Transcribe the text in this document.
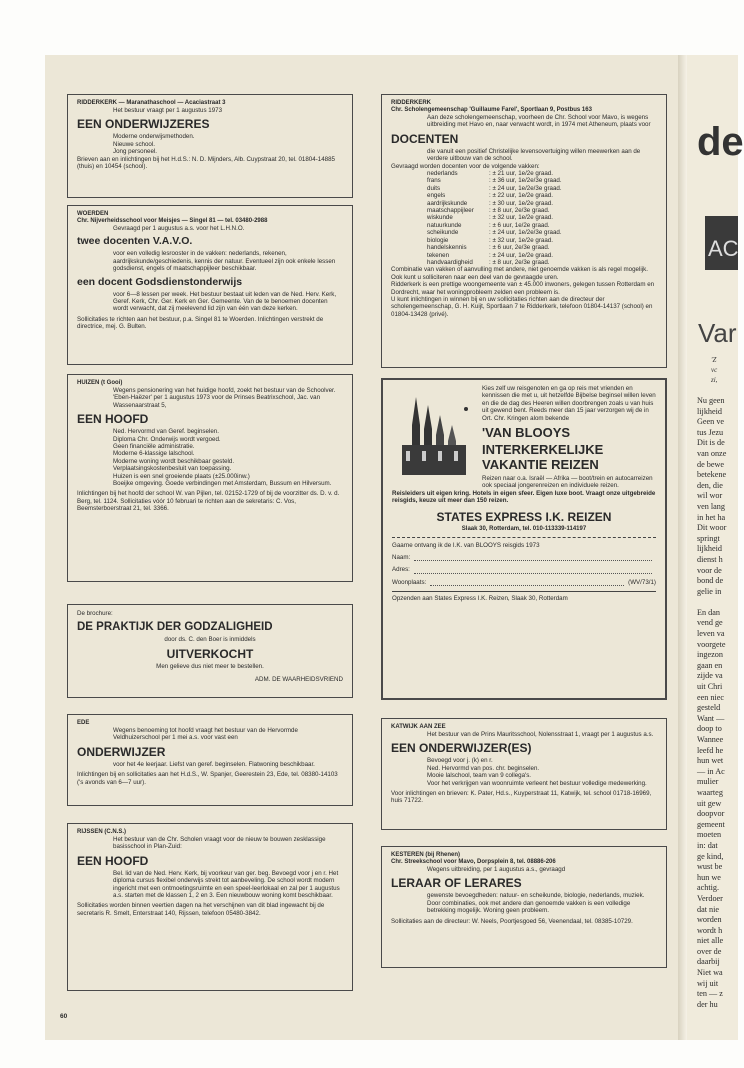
RIDDERKERK — Maranathaschool — Acaciastraat 3
Het bestuur vraagt per 1 augustus 1973
EEN ONDERWIJZERES
Moderne onderwijsmethoden.
Nieuwe school.
Jong personeel.
Brieven aan en inlichtingen bij het H.d.S.: N. D. Mijnders, Alb. Cuypstraat 20, tel. 01804-14885 (thuis) en 10454 (school).
WOERDEN
Chr. Nijverheidsschool voor Meisjes — Singel 81 — tel. 03480-2988
Gevraagd per 1 augustus a.s. voor het L.H.N.O.
twee docenten V.A.V.O.
voor een volledig lesrooster in de vakken: nederlands, rekenen, aardrijkskunde/geschiedenis, kennis der natuur. Eventueel zijn ook enkele lessen godsdienst, engels of maatschappijleer beschikbaar.
een docent Godsdienstonderwijs
voor 6—8 lessen per week. Het bestuur bestaat uit leden van de Ned. Herv. Kerk, Geref. Kerk, Chr. Ger. Kerk en Ger. Gemeente. Van de te benoemen docenten wordt verwacht, dat zij meelevend lid zijn van één van deze kerken.
Sollicitaties te richten aan het bestuur, p.a. Singel 81 te Woerden. Inlichtingen verstrekt de directrice, mej. G. Bulten.
HUIZEN (t Gooi)
Wegens pensionering van het huidige hoofd, zoekt het bestuur van de Schoolver. 'Eben-Haëzer' per 1 augustus 1973 voor de Prinses Beatrixschool, Jac. van Wassenaarstraat 5,
EEN HOOFD
Ned. Hervormd van Geref. beginselen.
Diploma Chr. Onderwijs wordt vergoed.
Geen financiële administratie.
Moderne 6-klassige lalschool.
Moderne woning wordt beschikbaar gesteld.
Verplaatsingskostenbesluit van toepassing.
Huizen is een snel groeiende plaats (±25.000inw.)
Boeijke omgeving. Goede verbindingen met Amsterdam, Bussum en Hilversum.
Inlichtingen bij het hoofd der school W. van Pijlen, tel. 02152-1729 of bij de voorzitter ds. D. v. d. Berg, tel. 1124. Sollicitaties vóór 10 februari te richten aan de sekretaris: C. Vos, Beemsterboerstraat 21, tel. 3366.
De brochure:
DE PRAKTIJK DER GODZALIGHEID
door ds. C. den Boer is inmiddels
UITVERKOCHT
Men gelieve dus niet meer te bestellen.
ADM. DE WAARHEIDSVRIEND
EDE
Wegens benoeming tot hoofd vraagt het bestuur van de Hervormde Veldhuizerschool per 1 mei a.s. voor vast een
ONDERWIJZER
voor het 4e leerjaar. Liefst van geref. beginselen. Flatwoning beschikbaar.
Inlichtingen bij en sollicitaties aan het H.d.S., W. Spanjer, Geerestein 23, Ede, tel. 08380-14103 ('s avonds van 6—7 uur).
RIJSSEN (C.N.S.)
Het bestuur van de Chr. Scholen vraagt voor de nieuw te bouwen zesklassige basisschool in Plan-Zuid:
EEN HOOFD
Bel. lid van de Ned. Herv. Kerk, bij voorkeur van ger. beg. Bevoegd voor j en r. Het diploma cursus flexibel onderwijs strekt tot aanbeveling. De school wordt modern ingericht met een ontmoetingsruimte en een speel-leerlokaal en zal per 1 augustus a.s. starten met de klassen 1, 2 en 3. Een nieuwbouw woning komt beschikbaar.
Sollicitaties worden binnen veertien dagen na het verschijnen van dit blad ingewacht bij de secretaris R. Smelt, Enterstraat 140, Rijssen, telefoon 05480-3842.
RIDDERKERK
Chr. Scholengemeenschap 'Guillaume Farel', Sportlaan 9, Postbus 163
Aan deze scholengemeenschap, voorheen de Chr. School voor Mavo, is wegens uitbreiding met Havo en, naar verwacht wordt, in 1974 met Atheneum, plaats voor
DOCENTEN
die vanuit een positief Christelijke levensovertuiging willen meewerken aan de verdere uitbouw van de school.
Gevraagd worden docenten voor de volgende vakken:
nederlands	: ± 21 uur, 1e/2e graad.
frans	: ± 36 uur, 1e/2e/3e graad.
duits	: ± 24 uur, 1e/2e/3e graad.
engels	: ± 22 uur, 1e/2e graad.
aardrijkskunde	: ± 30 uur, 1e/2e graad.
maatschappijleer	: ± 8 uur, 2e/3e graad.
wiskunde	: ± 32 uur, 1e/2e graad.
natuurkunde	: ± 6 uur, 1e/2e graad.
scheikunde	: ± 24 uur, 1e/2e/3e graad.
biologie	: ± 32 uur, 1e/2e graad.
handelskennis	: ± 6 uur, 2e/3e graad.
tekenen	: ± 24 uur, 1e/2e graad.
handvaardigheid	: ± 8 uur, 2e/3e graad.
Combinatie van vakken of aanvulling met andere, niet genoemde vakken is als regel mogelijk. Ook kunt u solliciteren naar een deel van de gevraagde uren.
Ridderkerk is een prettige woongemeente van ± 45.000 inwoners, gelegen tussen Rotterdam en Dordrecht, waar het woningprobleem zelden een probleem is.
U kunt inlichtingen in winnen bij en uw sollicitaties richten aan de directeur der scholengemeenschap, G. H. Kuijt, Sportlaan 7 te Ridderkerk, telefoon 01804-14137 (school) en 01804-13428 (privé).
Kies zelf uw reisgenoten en ga op reis met vrienden en kennissen die met u, uit hetzelfde Bijbelse beginsel willen leven en die de dag des Heeren willen doorbrengen zoals u van huis uit gewend bent. Reeds meer dan 15 jaar verzorgen wij de in Ort. Chr. Kringen alom bekende
'VAN BLOOYS
INTERKERKELIJKE
VAKANTIE REIZEN
Reizen naar o.a. Israël — Afrika — boot/trein en autocarreizen ook speciaal jongerenreizen en individuele reizen.
Reisleiders uit eigen kring. Hotels in eigen sfeer. Eigen luxe boot. Vraagt onze uitgebreide reisgids, keuze uit meer dan 150 reizen.
STATES EXPRESS I.K. REIZEN
Slaak 30, Rotterdam, tel. 010-113339-114197
Gaarne ontvang ik de I.K. van BLOOYS reisgids 1973
Naam:
Adres:
Woonplaats:	(WV/73/1)
Opzenden aan States Express I.K. Reizen, Slaak 30, Rotterdam
KATWIJK AAN ZEE
Het bestuur van de Prins Mauritsschool, Nolensstraat 1, vraagt per 1 augustus a.s.
EEN ONDERWIJZER(ES)
Bevoegd voor j. (k) en r.
Ned. Hervormd van pos. chr. beginselen.
Mooie lalschool, team van 9 collega's.
Voor het verkrijgen van woonruimte verleent het bestuur volledige medewerking.
Voor inlichtingen en brieven: K. Pater, Hd.s., Kuyperstraat 11, Katwijk, tel. school 01718-16969, huis 71722.
KESTEREN (bij Rhenen)
Chr. Streekschool voor Mavo, Dorpsplein 8, tel. 08886-206
Wegens uitbreiding, per 1 augustus a.s., gevraagd
LERAAR OF LERARES
gewenste bevoegdheden: natuur- en scheikunde, biologie, nederlands, muziek. Door combinaties, ook met andere dan genoemde vakken is een volledige betrekking mogelijk. Woning geen probleem.
Sollicitaties aan de directeur: W. Neels, Poortjesgoed 56, Veenendaal, tel. 08385-10729.
60
de
AC
Var
'Z
vc
zi,
Nu geen
lijkheid
Geen ve
tus Jezu
Dit is de
van onze
de bewe
betekene
den, die
wil wor
ven lang
in het ha
Dit woor
springt
lijkheid
dienst h
voor de
bond de
gelie in

En dan
vend ge
leven va
voorgete
ingezon
gaan en
zijde va
uit Chri
een niec
gesteld
Want —
doop to
Wannee
leefd he
hun wet
— in Ac
mulier
waarteg
uit gew
doopvor
gemeent
moeten
in: dat
ge kind,
wust be
hun we
achtig.
Verdoer
dat nie
worden
wordt h
niet alle
over de
daarbij
Niet wa
wij uit
ten — z
der hu
